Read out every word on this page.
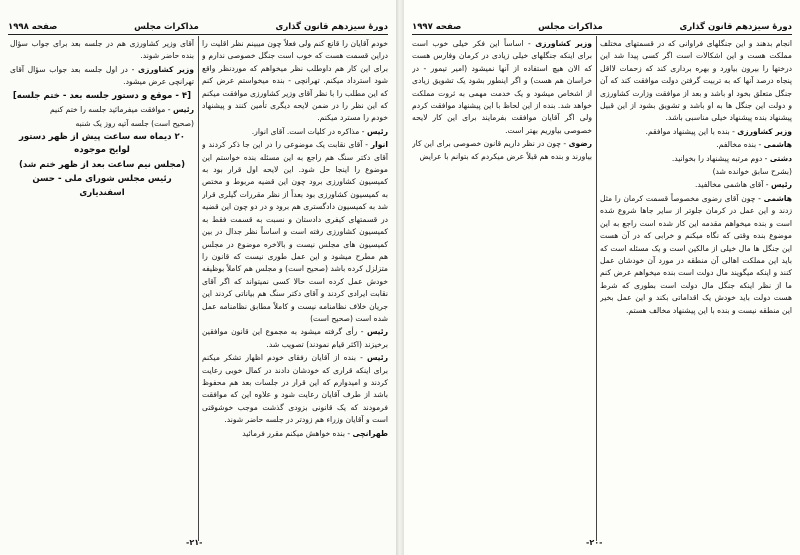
دورۀ سیزدهم قانون گذاری
مذاکرات مجلس
صفحه ۱۹۹۸

خودم آقایان را قانع کنم ولی فعلاً چون میبینم نظر اقلیت را دراین قسمت هست که خوب است جنگل خصوصی ندارم و برای این کار هم داوطلب نظر میخواهم که موردنظر واقع شود استرداد میکنم. تهرانچی - بنده میخواستم عرض کنم که این مطلب را با نظر آقای وزیر کشاورزی موافقت میکنم که این نظر را در ضمن لایحه دیگری تأمین کنند و پیشنهاد خودم را مسترد میکنم.

رئیس - مذاکره در کلیات است. آقای انوار.

انوار - آقای نقابت یک موضوعی را در این جا ذکر کردند و آقای دکتر سنگ هم راجع به این مسئله بنده خواستم این موضوع را اینجا حل شود. این لایحه اول قرار بود به کمیسیون کشاورزی برود چون این قضیه مربوط و مختص به کمیسیون کشاورزی بود بعداً از نظر مقررات گیلری قرار شد به کمیسیون دادگستری هم برود و در دو چون این قضیه در قسمتهای کیفری دادستان و نسبت به قسمت فقط به کمیسیون کشاورزی رفته است و اساساً نظر جدال در بین کمیسیون های مجلس نیست و بالاخره موضوع در مجلس هم مطرح میشود و این عمل طوری نیست که قانون را متزلزل کرده باشد (صحیح است) و مجلس هم کاملاً بوظیفه خودش عمل کرده است حالا کسی نمیتواند که اگر آقای نقابت ایرادی کردند و آقای دکتر سنگ هم بیاناتی کردند این جریان خلاف نظامنامه نیست و کاملاً مطابق نظامنامه عمل شده است (صحیح است)

رئیس - رأی گرفته میشود به مجموع این قانون موافقین برخیزند (اکثر قیام نمودند) تصویب شد.

رئیس - بنده از آقایان رفقای خودم اظهار تشکر میکنم برای اینکه قراری که خودشان دادند در کمال خوبی رعایت کردند و امیدوارم که این قرار در جلسات بعد هم محفوظ باشد از طرف آقایان رعایت شود و علاوه این که موافقت فرمودند که یک قانونی بزودی گذشت موجب خوشوقتی است و آقایان وزراء هم زودتر در جلسه حاضر شوند.

طهرانچی - بنده خواهش میکنم مقرر فرمائید

آقای وزیر کشاورزی هم در جلسه بعد برای جواب سؤال بنده حاضر شوند.

وزیر کشاورزی - در اول جلسه بعد جواب سؤال آقای تهرانچی عرض میشود.

[۴ - موقع و دستور جلسه بعد - ختم جلسه]

رئیس - موافقت میفرمائید جلسه را ختم کنیم

(صحیح است) جلسه آتیه روز یک شنبه

۲۰ دیماه سه ساعت پیش از ظهر دستور لوایح موجوده

(مجلس نیم ساعت بعد از ظهر ختم شد)

رئیس مجلس شورای ملی - حسن اسفندیاری

-۲۱-
دورۀ سیزدهم قانون گذاری
مذاکرات مجلس
صفحه ۱۹۹۷

انجام بدهند و این جنگلهای فراوانی که در قسمتهای مختلف مملکت هست و این اشکالات است اگر کسی پیدا شد این درختها را بیرون بیاورد و بهره برداری کند که زحمات لااقل پنجاه درصد آنها که به تربیت گرفتن دولت موافقت کند که آن جنگل متعلق بخود او باشد و بعد از موافقت وزارت کشاورزی و دولت این جنگل ها به او باشد و تشویق بشود از این قبیل پیشنهاد بنده پیشنهاد خیلی مناسبی باشد.

وزیر کشاورزی - بنده با این پیشنهاد موافقم.

هاشمی - بنده مخالفم.

دشتی - دوم مرتبه پیشنهاد را بخوانید.

(بشرح سابق خوانده شد)

رئیس - آقای هاشمی مخالفید.

هاشمی - چون آقای رضوی مخصوصاً قسمت کرمان را مثل زدند و این عمل در کرمان جلوتر از سایر جاها شروع شده است و بنده میخواهم مقدمه این کار شده است راجع به این موضوع بنده وقتی که نگاه میکنم و خرابی که در آن هست این جنگل ها مال خیلی از مالکین است و یک مسئله است که باید این مملکت اهالی آن منطقه در مورد آن خودشان عمل کنند و اینکه میگویند مال دولت است بنده میخواهم عرض کنم ما از نظر اینکه جنگل مال دولت است بطوری که شرط هست دولت باید خودش یک اقداماتی بکند و این عمل بخیر این منطقه نیست و بنده با این پیشنهاد مخالف هستم.

وزیر کشاورزی - اساساً این فکر خیلی خوب است برای اینکه جنگلهای خیلی زیادی در کرمان وفارس هست که الان هیچ استفاده از آنها نمیشود (امیر تیمور - در خراسان هم هست) و اگر اینطور بشود یک تشویق زیادی از اشخاص میشود و یک خدمت مهمی به ثروت مملکت خواهد شد. بنده از این لحاظ با این پیشنهاد موافقت کردم ولی اگر آقایان موافقت بفرمایند برای این کار لایحه خصوصی بیاوریم بهتر است.

رضوی - چون در نظر داریم قانون خصوصی برای این کار بیاورند و بنده هم قبلاً عرض میکردم که بتوانم با عرایض

-۲۰-
